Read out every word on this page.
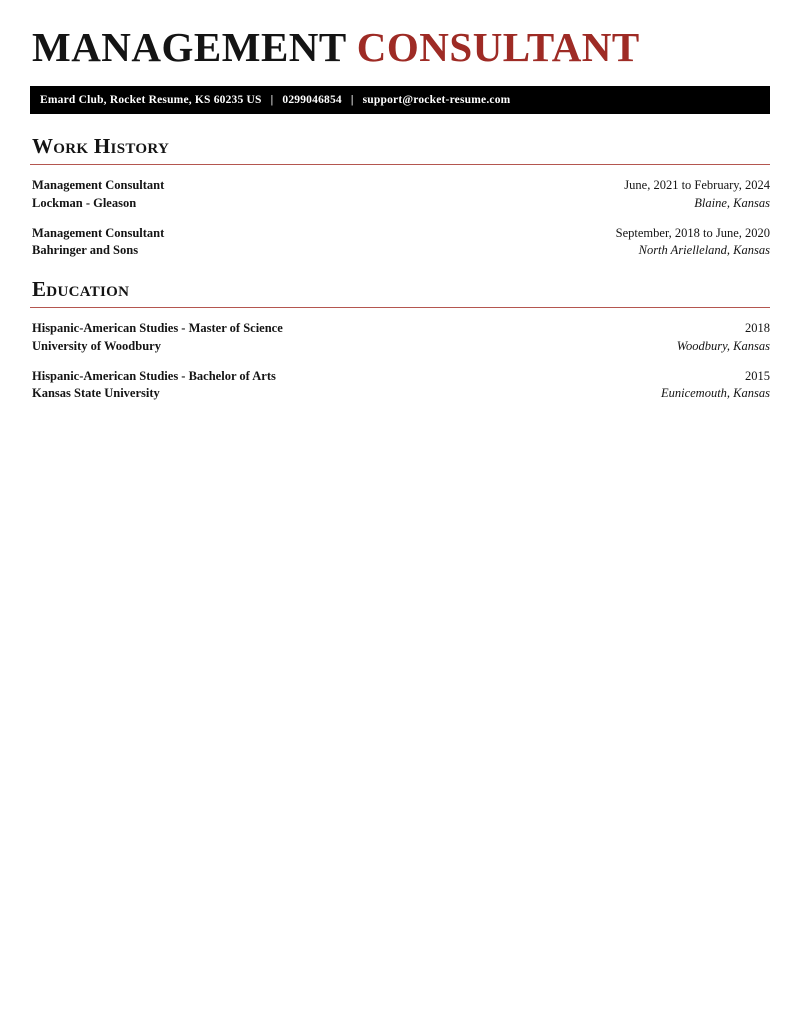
MANAGEMENT CONSULTANT
Emard Club, Rocket Resume, KS 60235 US | 0299046854 | support@rocket-resume.com
Work History
Management Consultant	June, 2021 to February, 2024
Lockman - Gleason	Blaine, Kansas
Management Consultant	September, 2018 to June, 2020
Bahringer and Sons	North Arielleland, Kansas
Education
Hispanic-American Studies - Master of Science	2018
University of Woodbury	Woodbury, Kansas
Hispanic-American Studies - Bachelor of Arts	2015
Kansas State University	Eunicemouth, Kansas
